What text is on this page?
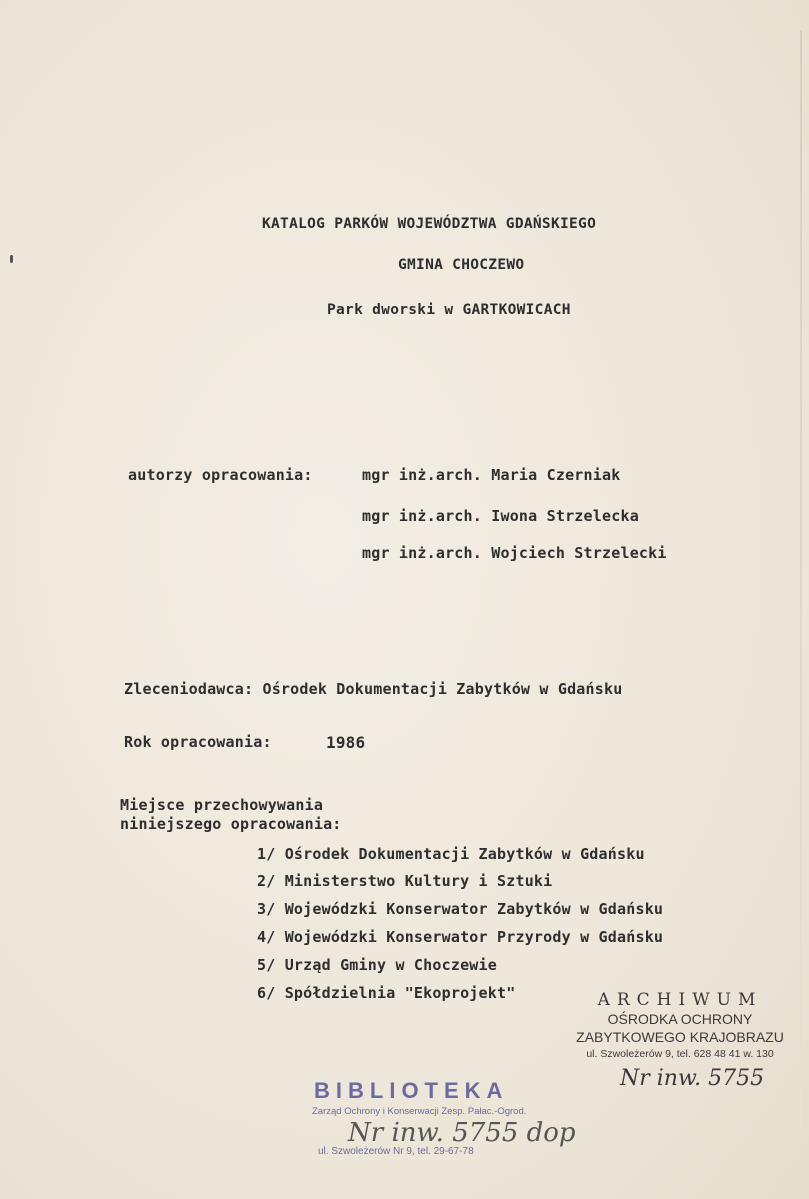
KATALOG PARKÓW WOJEWÓDZTWA GDAŃSKIEGO
GMINA CHOCZEWO
Park dworski w GARTKOWICACH
autorzy opracowania:	mgr inż.arch. Maria Czerniak
mgr inż.arch. Iwona Strzelecka
mgr inż.arch. Wojciech Strzelecki
Zleceniodawca: Ośrodek Dokumentacji Zabytków w Gdańsku
Rok opracowania:	1986
Miejsce przechowywania
niniejszego opracowania:
1/ Ośrodek Dokumentacji Zabytków w Gdańsku
2/ Ministerstwo Kultury i Sztuki
3/ Wojewódzki Konserwator Zabytków w Gdańsku
4/ Wojewódzki Konserwator Przyrody w Gdańsku
5/ Urząd Gminy w Choczewie
6/ Spółdzielnia "Ekoprojekt"	ARCHIWUM
OŚRODKA OCHRONY
ZABYTKOWEGO KRAJOBRAZU
ul. Szwoleżerów 9, tel. 628 48 41 w. 130
Nr inw. 5755
BIBLIOTEKA
Zarząd Ochrony i Konserwacji Zesp. Pałac.-Ogrod.
Nr inw. 5755 dop
ul. Szwoleżerów Nr 9, tel. 29-67-78
